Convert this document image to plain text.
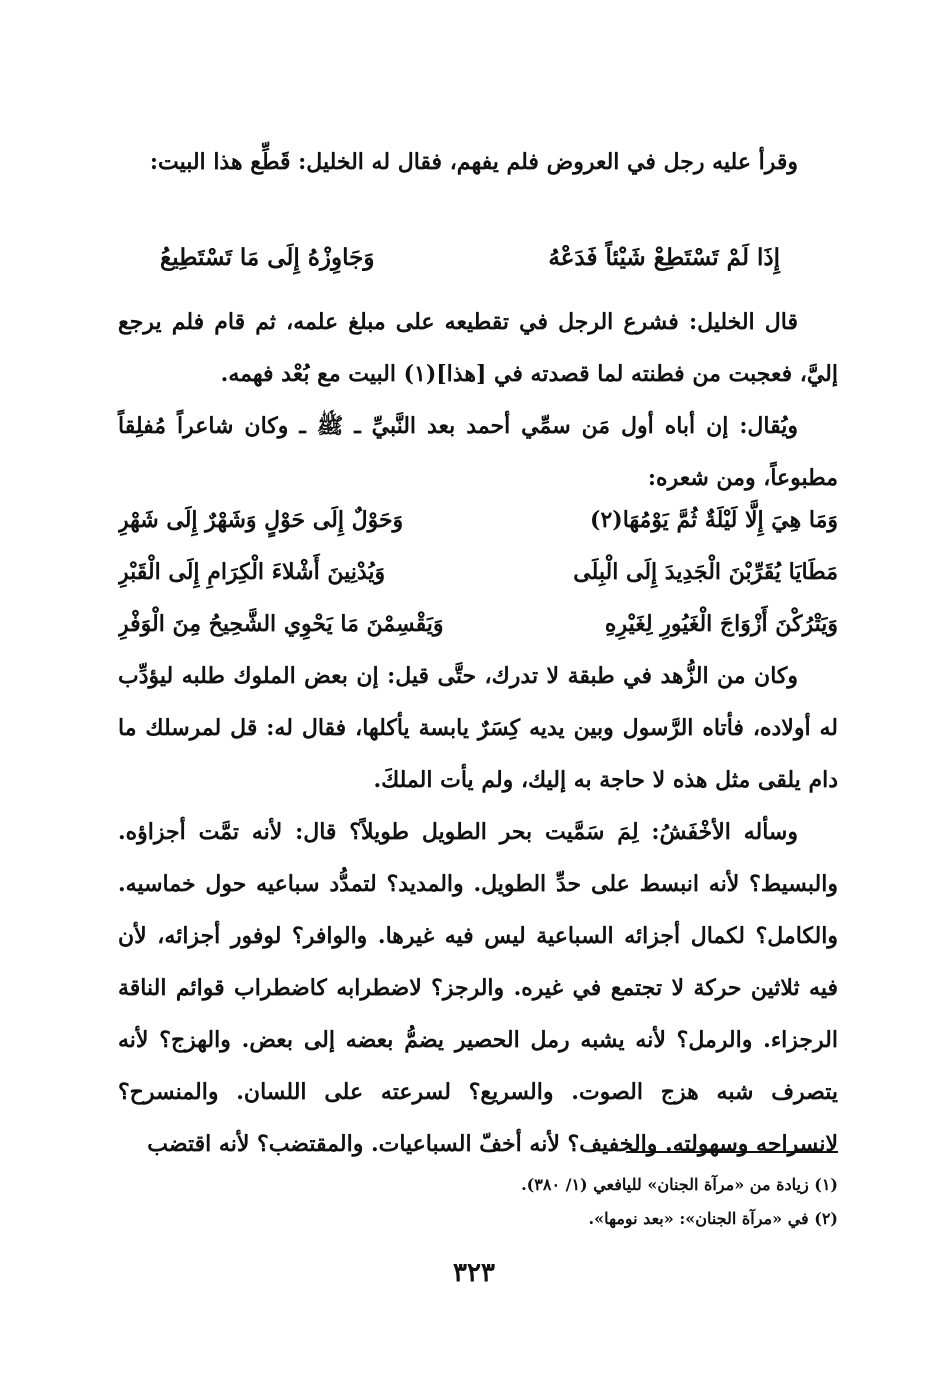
وقرأ عليه رجل في العروض فلم يفهم، فقال له الخليل: قَطِّع هذا البيت:

إِذَا لَمْ تَسْتَطِعْ شَيْئاً فَدَعْهُ
وَجَاوِزْهُ إِلَى مَا تَسْتَطِيعُ

قال الخليل: فشرع الرجل في تقطيعه على مبلغ علمه، ثم قام فلم يرجع إليَّ، فعجبت من فطنته لما قصدته في [هذا](١) البيت مع بُعْد فهمه.

ويُقال: إن أباه أول مَن سمِّي أحمد بعد النَّبيِّ ـ ﷺ ـ وكان شاعراً مُفلِقاً مطبوعاً، ومن شعره:

وَمَا هِيَ إِلَّا لَيْلَةٌ ثُمَّ يَوْمُهَا(٢)
وَحَوْلٌ إِلَى حَوْلٍ وَشَهْرٌ إِلَى شَهْرِ
مَطَايَا يُقَرِّبْنَ الْجَدِيدَ إِلَى الْبِلَى
وَيُدْنِينَ أَشْلاءَ الْكِرَامِ إِلَى الْقَبْرِ
وَيَتْرُكْنَ أَزْوَاجَ الْغَيُورِ لِغَيْرِهِ
وَيَقْسِمْنَ مَا يَحْوِي الشَّحِيحُ مِنَ الْوَفْرِ

وكان من الزُّهد في طبقة لا تدرك، حتَّى قيل: إن بعض الملوك طلبه ليؤدِّب له أولاده، فأتاه الرَّسول وبين يديه كِسَرٌ يابسة يأكلها، فقال له: قل لمرسلك ما دام يلقى مثل هذه لا حاجة به إليك، ولم يأت الملكَ.

وسأله الأخْفَشُ: لِمَ سَمَّيت بحر الطويل طويلاً؟ قال: لأنه تمَّت أجزاؤه. والبسيط؟ لأنه انبسط على حدِّ الطويل. والمديد؟ لتمدُّد سباعيه حول خماسيه. والكامل؟ لكمال أجزائه السباعية ليس فيه غيرها. والوافر؟ لوفور أجزائه، لأن فيه ثلاثين حركة لا تجتمع في غيره. والرجز؟ لاضطرابه كاضطراب قوائم الناقة الرجزاء. والرمل؟ لأنه يشبه رمل الحصير يضمُّ بعضه إلى بعض. والهزج؟ لأنه يتصرف شبه هزج الصوت. والسريع؟ لسرعته على اللسان. والمنسرح؟ لانسراحه وسهولته. والخفيف؟ لأنه أخفّ السباعيات. والمقتضب؟ لأنه اقتضب

(١) زيادة من «مرآة الجنان» لليافعي (١/ ٣٨٠).

(٢) في «مرآة الجنان»: «بعد نومها».

٣٢٣
